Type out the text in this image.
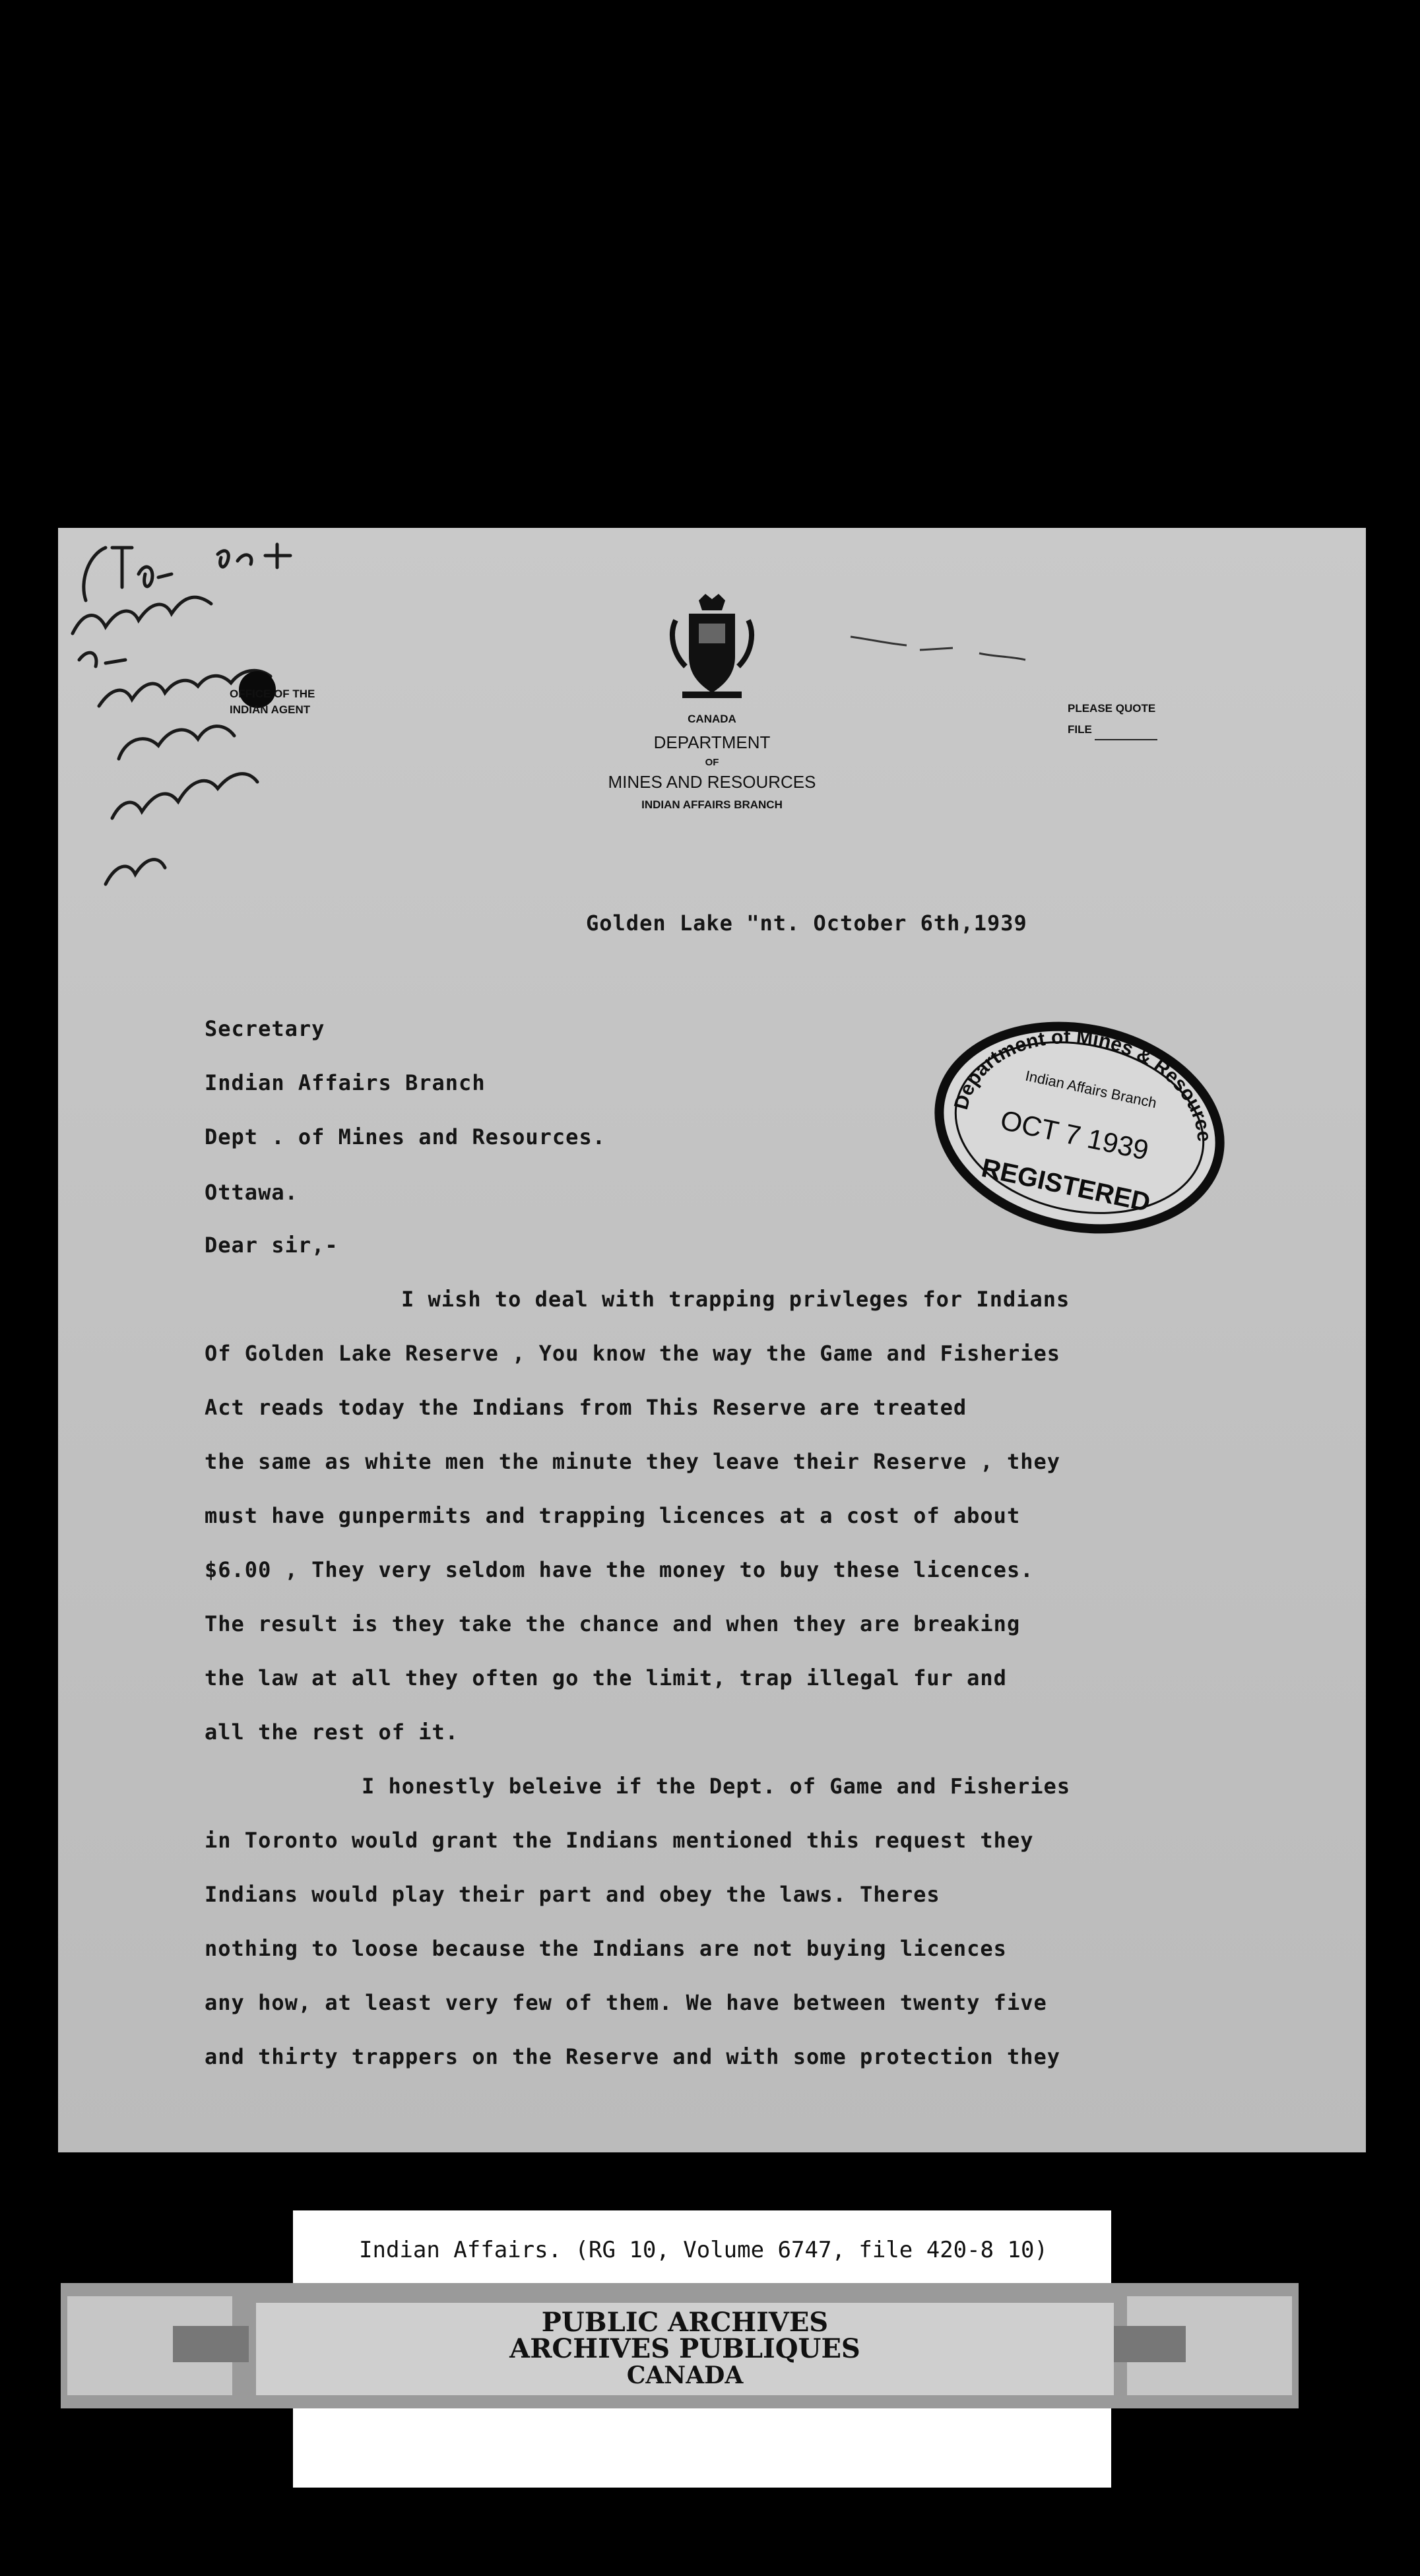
OFFICE OF THE
INDIAN AGENT
CANADA
DEPARTMENT
OF
MINES AND RESOURCES
INDIAN AFFAIRS BRANCH
PLEASE QUOTE
FILE
Golden Lake "nt. October 6th,1939
Secretary
Indian Affairs Branch
Dept . of Mines and Resources.
Ottawa.
Dear sir,-
I wish to deal with trapping privleges for Indians
Of Golden Lake Reserve , You know the way the Game and Fisheries
Act reads today the Indians from This Reserve are treated
the same as white men the minute they leave their Reserve , they
must have gunpermits and trapping licences at a cost of about
$6.00 , They very seldom have the money to buy these licences.
The result is they take the chance and when they are breaking
the law at all they often go the limit, trap illegal fur and
all the rest of it.
I honestly beleive if the Dept. of Game and Fisheries
in Toronto would grant the Indians mentioned this request they
Indians would play their part and obey the laws. Theres
nothing to loose because the Indians are not buying licences
any how, at least very few of them. We have between twenty five
and thirty trappers on the Reserve and with some protection they
Department of Mines & Resources
Indian Affairs Branch
OCT 7 1939
REGISTERED
Indian Affairs. (RG 10, Volume 6747, file 420-8 10)
PUBLIC ARCHIVES
ARCHIVES PUBLIQUES
CANADA
